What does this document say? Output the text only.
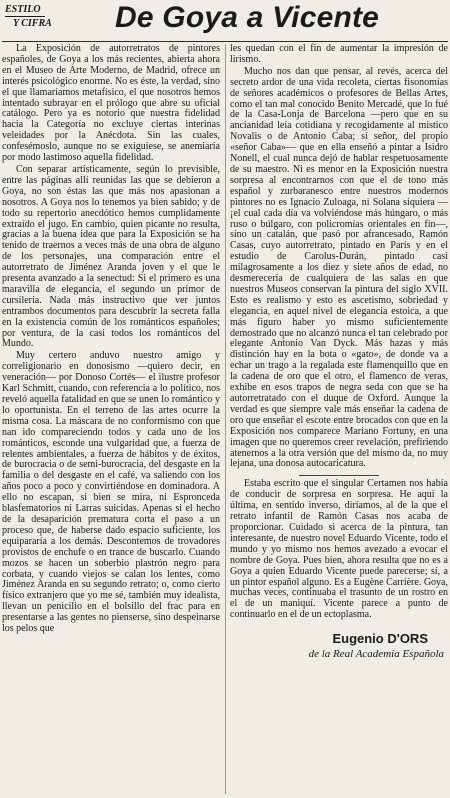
ESTILO
Y CIFRA De Goya a Vicente

La Exposición de autorretratos de pintores españoles, de Goya a los más recientes, abierta ahora en el Museo de Arte Moderno, de Madrid, ofrece un interés psicológico enorme. No es éste, la verdad, sino el que llamaríamos metafísico, el que nosotros hemos intentado subrayar en el prólogo que abre su oficial catálogo. Pero ya es notorio que nuestra fidelidad hacia la Categoría no excluye ciertas interinas veleidades por la Anécdota. Sin las cuales, confesémoslo, aunque no se exiguiese, se anemiaría por modo lastimoso aquella fidelidad.

Con separar artísticamente, según lo previsible, entre las páginas allí reunidas las que se debieron a Goya, no son éstas las que más nos apasionan a nosotros. A Goya nos lo tenemos ya bien sabido; y de todo su repertorio anecdótico hemos cumplidamente extraído el jugo. En cambio, quien picante no resulta, gracias a la buena idea que para la Exposición se ha tenido de traernos a veces más de una obra de alguno de los personajes, una comparación entre el autorretrato de Jiménez Aranda joven y el que le presenta avanzado a la senectud: Si el primero es una maravilla de elegancia, el segundo un primor de cursilería. Nada más instructivo que ver juntos entrambos documentos para descubrir la secreta falla en la existencia común de los románticos españoles; por ventura, de la casi todos los románticos del Mundo.

Muy certero anduvo nuestro amigo y correligionario en donosismo —quiero decir, en veneración— por Donoso Cortés— el ilustre profesor Karl Schmitt, cuando, con referencia a lo político, nos reveló aquella fatalidad en que se unen lo romántico y lo oportunista. En el terreno de las artes ocurre la misma cosa. La máscara de no conformismo con que nan ido compareciendo todos y cada uno de los románticos, esconde una vulgaridad que, a fuerza de relentes ambientales, a fuerza de hábitos y de éxitos, de burocracia o de semi-burocracia, del desgaste en la familia o del desgaste en el café, va saliendo con los años poco a poco y convirtiéndose en dominadora. A ello no escapan, si bien se mira, ni Espronceda blasfematorios ni Larras suicidas. Apenas si el hecho de la desaparición prematura corta el paso a un proceso que, de haberse dado espacio suficiente, los equipararía a los demás. Descontemos de trovadores provistos de enchufe o en trance de buscarlo. Cuando mozos se hacen un soberbio plastrón negro para corbata, y cuando viejos se calan los lentes, como Jiménez Aranda en su segundo retrato; o, como cierto físico extranjero que yo me sé, también muy idealista, llevan un penicilio en el bolsillo del frac para en presentarse a las gentes no pienserse, sino despeinarse los pelos que

les quedan con el fin de aumentar la impresión de lirismo.

Mucho nos dan que pensar, al revés, acerca del secreto ardor de una vida recoleta, ciertas fisonomías de señores académicos o profesores de Bellas Artes, como el tan mal conocido Benito Mercadé, que lo fué de la Casa-Lonja de Barcelona —pero que en su ancianidad leía cotidiana y recogidamente al místico Novalis o de Antonio Caba; sí señor, del propio «señor Caba»— que en ella enseñó a pintar a Isidro Nonell, el cual nunca dejó de hablar respetuosamente de su maestro. Ni es menor en la Exposición nuestra sorpresa al encontrarnos con que el de tono más español y zurbaranesco entre nuestros modernos pintores no es Ignacio Zuloaga, ni Solana siquiera —¡el cual cada día va volviéndose más húngaro, o más ruso o búlgaro, con policromías orientales en fin—, sino un catalán, que pasó por afrancesado, Ramón Casas, cuyo autorretrato, pintado en París y en el estudio de Carolus-Durán, pintado casi milagrosamente a los diez y siete años de edad, no desmerecería de cualquiera de las salas en que nuestros Museos conservan la pintura del siglo XVII. Esto es realismo y esto es ascetismo, sobriedad y elegancia, en aquel nivel de elegancia estoica, a que más figuro haber yo mismo suficientemente demostrado que no alcanzó nunca el tan celebrado por elegante Antonio Van Dyck. Más hazas y más distinción hay en la bota o «gato», de donde va a echar un trago a la regalada este flamenquillo que en la cadena de oro que el otro, el flamenco de veras, exhibe en esos trapos de negra seda con que se ha autorretratado con el duque de Oxford. Aunque la verdad es que siempre vale más enseñar la cadena de oro que enseñar el escote entre brocados con que en la Exposición nos comparece Mariano Fortuny, en una imagen que no queremos creer revelación, prefiriendo atenernos a la otra versión que del mismo da, no muy lejana, una donosa autocaricatura.

Estaba escrito que el singular Certamen nos había de conducir de sorpresa en sorpresa. He aquí la última, en sentido inverso, diríamos, al de la que el retrato infantil de Ramón Casas nos acaba de proporcionar. Cuidado si acerca de la pintura, tan interesante, de nuestro novel Eduardo Vicente, todo el mundo y yo mismo nos hemos avezado a evocar el nombre de Goya. Pues bien, ahora resulta que no es a Goya a quien Eduardo Vicente puede parecerse; sí, a un pintor español alguno. Es a Eugène Carrière. Goya, muchas veces, continuaba el trasunto de un rostro en el de un maniquí. Vicente parece a punto de continuarlo en el de un ectoplasma.

Eugenio D'ORS
de la Real Academia Española
